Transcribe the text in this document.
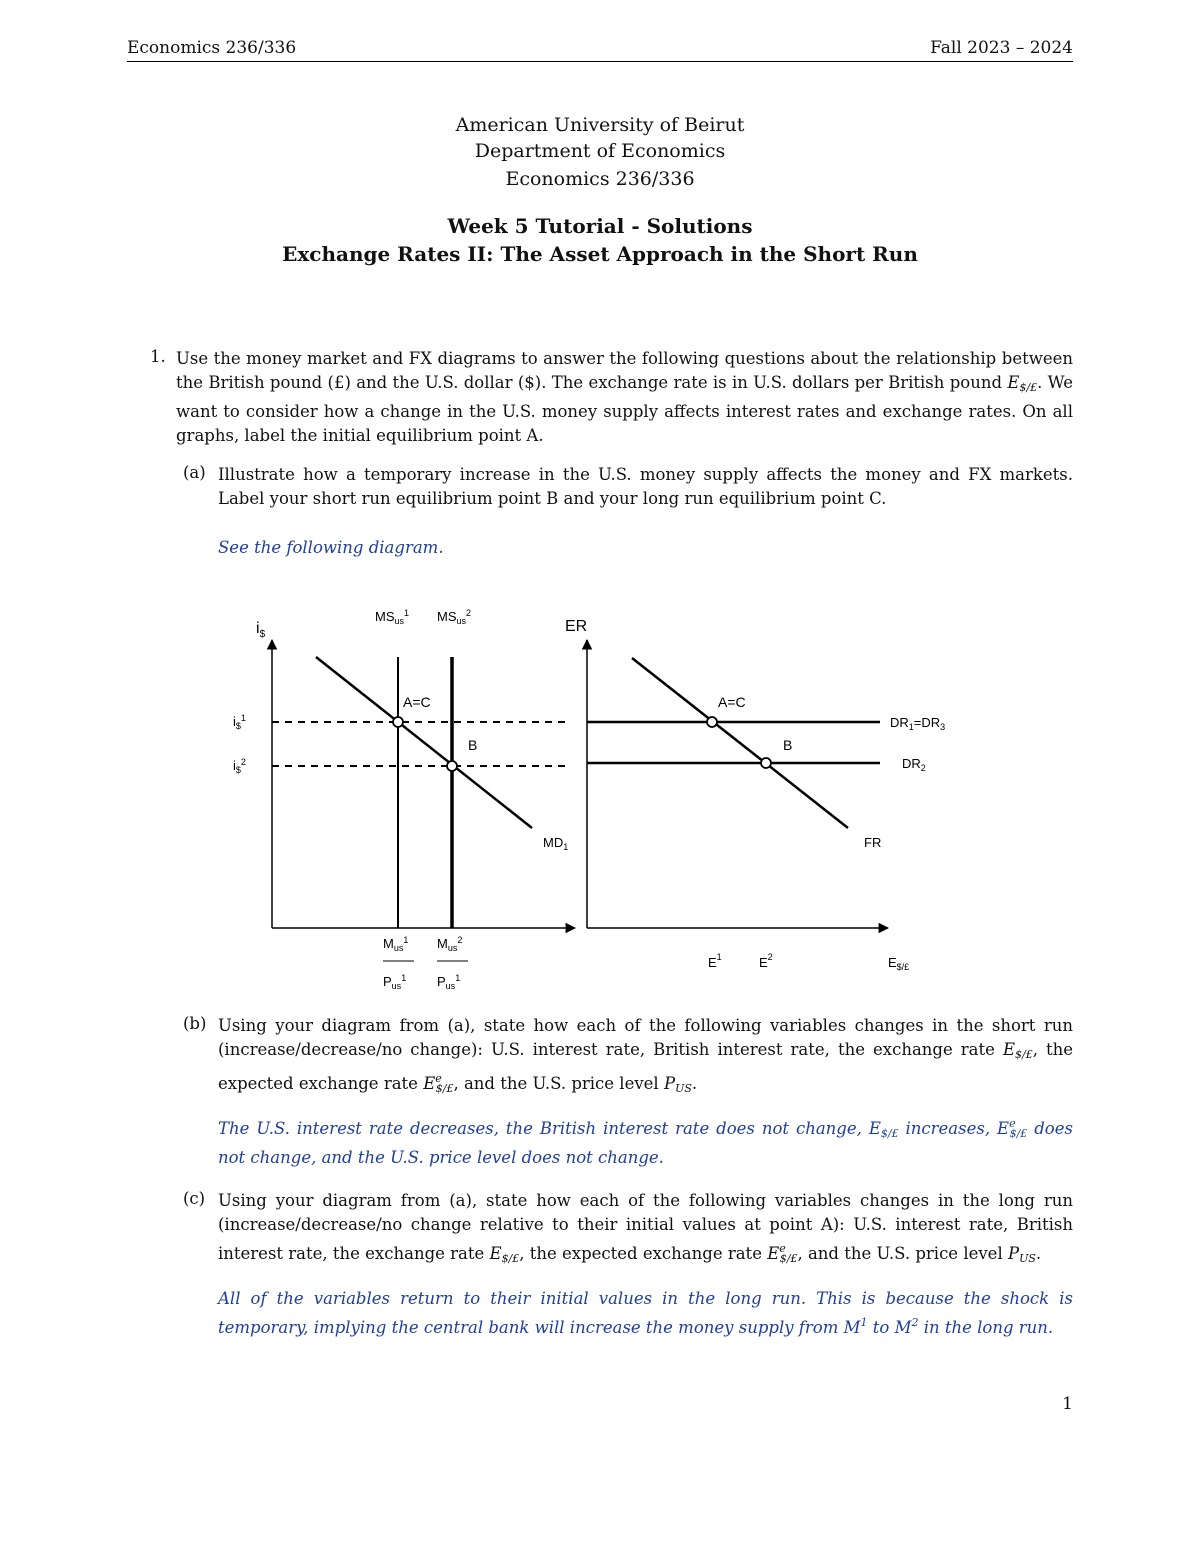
Economics 236/336	Fall 2023 – 2024
American University of Beirut
Department of Economics
Economics 236/336
Week 5 Tutorial - Solutions
Exchange Rates II: The Asset Approach in the Short Run
1. Use the money market and FX diagrams to answer the following questions about the relationship between the British pound (£) and the U.S. dollar ($). The exchange rate is in U.S. dollars per British pound $E_{\$/£}$. We want to consider how a change in the U.S. money supply affects interest rates and exchange rates. On all graphs, label the initial equilibrium point A.
(a) Illustrate how a temporary increase in the U.S. money supply affects the money and FX markets. Label your short run equilibrium point B and your long run equilibrium point C.
See the following diagram.
$i_{\$}$
$MS_{us}^1$ $MS_{us}^2$
$MD_1$
$i_{\$}^1$
$i_{\$}^2$
A=C
B
$M_{us}^1$
$P_{us}^1$
$M_{us}^2$
$P_{us}^1$
ER
A=C
B
$DR_1=DR_3$
$DR_2$
FR
$E^1$	$E^2$	$E_{\$/£}$
(b) Using your diagram from (a), state how each of the following variables changes in the short run (increase/decrease/no change): U.S. interest rate, British interest rate, the exchange rate $E_{\$/£}$, the expected exchange rate $E^e_{\$/£}$, and the U.S. price level $P_{US}$.
The U.S. interest rate decreases, the British interest rate does not change, $E_{\$/£}$ increases, $E^e_{\$/£}$ does not change, and the U.S. price level does not change.
(c) Using your diagram from (a), state how each of the following variables changes in the long run (increase/decrease/no change relative to their initial values at point A): U.S. interest rate, British interest rate, the exchange rate $E_{\$/£}$, the expected exchange rate $E^e_{\$/£}$, and the U.S. price level $P_{US}$.
All of the variables return to their initial values in the long run. This is because the shock is temporary, implying the central bank will increase the money supply from $M^1$ to $M^2$ in the long run.
1
